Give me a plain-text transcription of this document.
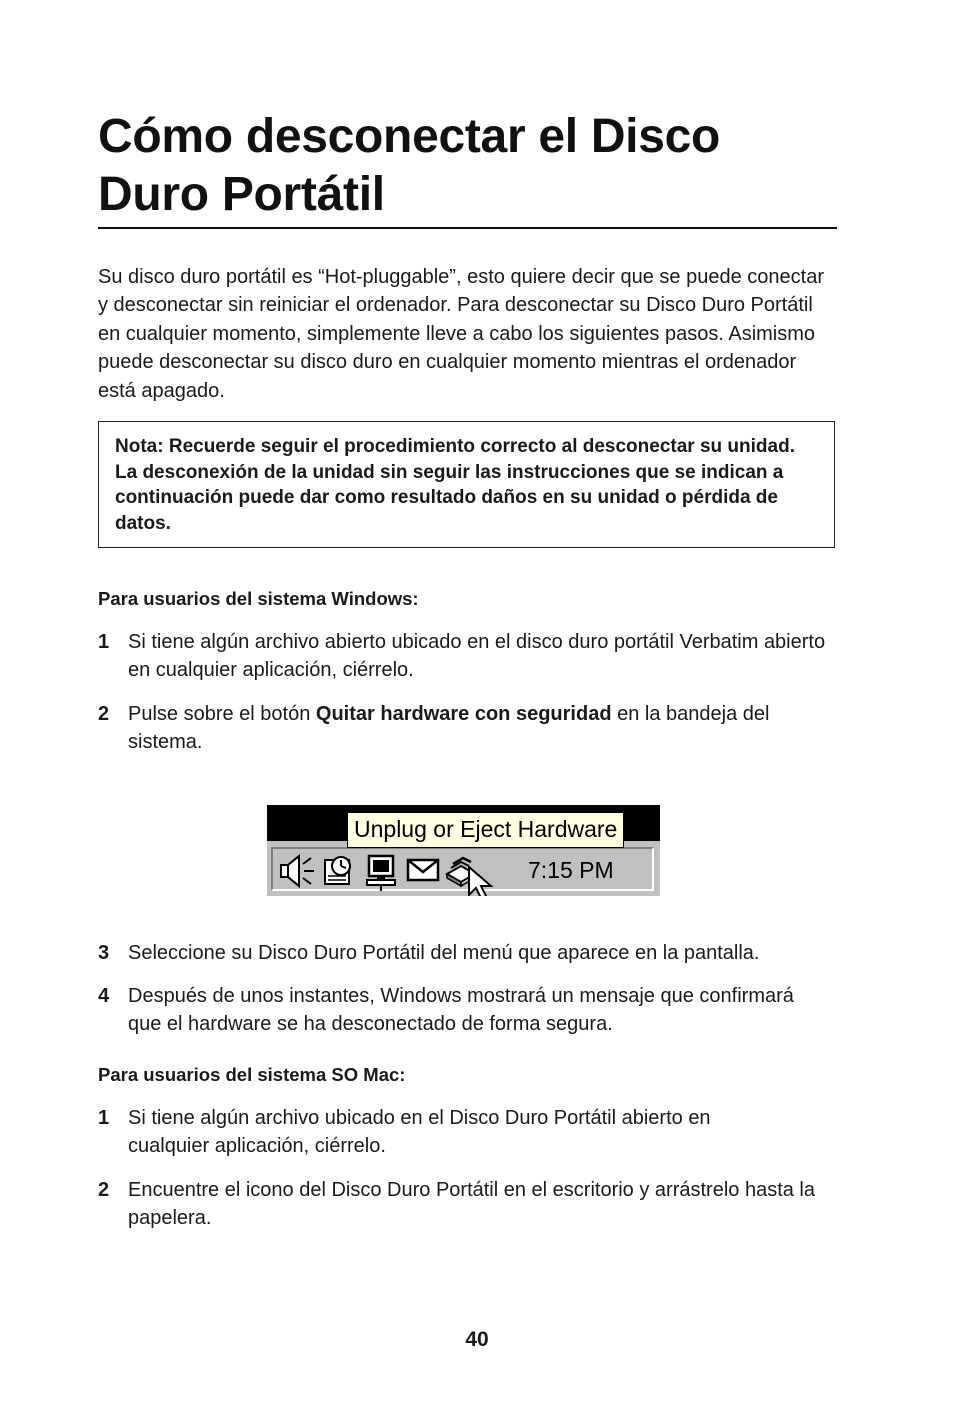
Cómo desconectar el Disco Duro Portátil

Su disco duro portátil es “Hot-pluggable”, esto quiere decir que se puede conectar y desconectar sin reiniciar el ordenador. Para desconectar su Disco Duro Portátil en cualquier momento, simplemente lleve a cabo los siguientes pasos. Asimismo puede desconectar su disco duro en cualquier momento mientras el ordenador está apagado.

Nota: Recuerde seguir el procedimiento correcto al desconectar su unidad. La desconexión de la unidad sin seguir las instrucciones que se indican a continuación puede dar como resultado daños en su unidad o pérdida de datos.
Para usuarios del sistema Windows:
1 Si tiene algún archivo abierto ubicado en el disco duro portátil Verbatim abierto en cualquier aplicación, ciérrelo.
2 Pulse sobre el botón Quitar hardware con seguridad en la bandeja del sistema.
Unplug or Eject Hardware
7:15 PM
3 Seleccione su Disco Duro Portátil del menú que aparece en la pantalla.
4 Después de unos instantes, Windows mostrará un mensaje que confirmará que el hardware se ha desconectado de forma segura.
Para usuarios del sistema SO Mac:
1 Si tiene algún archivo ubicado en el Disco Duro Portátil abierto en cualquier aplicación, ciérrelo.
2 Encuentre el icono del Disco Duro Portátil en el escritorio y arrástrelo hasta la papelera.
40
